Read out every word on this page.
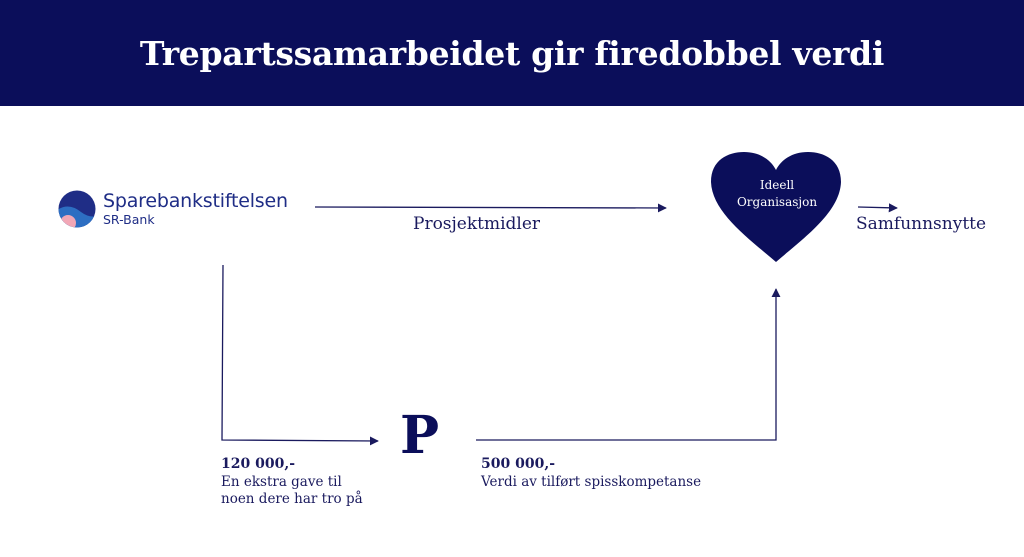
Trepartssamarbeidet gir firedobbel verdi
Sparebankstiftelsen
SR-Bank	Prosjektmidler	Samfunnsnytte
Ideell
Organisasjon
P
120 000,-
En ekstra gave til
noen dere har tro på
500 000,-
Verdi av tilført spisskompetanse
